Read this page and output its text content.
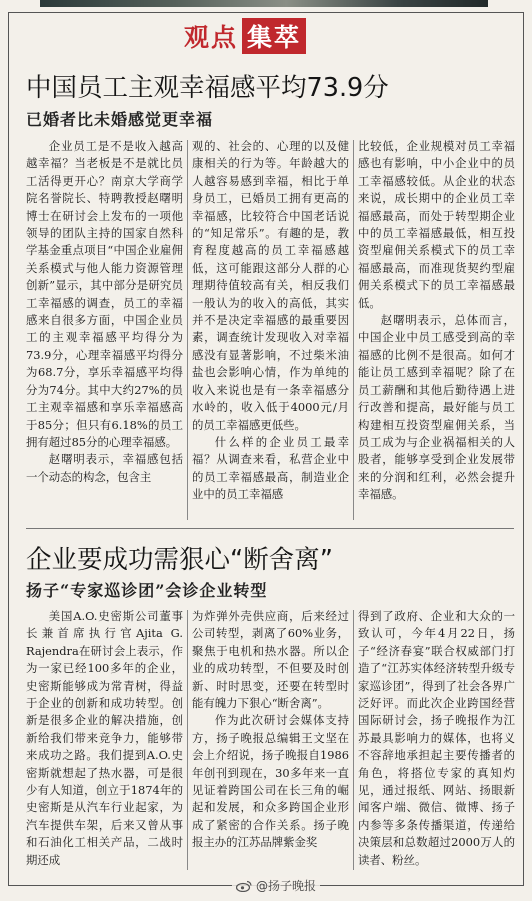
观点 集萃
中国员工主观幸福感平均73.9分
已婚者比未婚感觉更幸福

企业员工是不是收入越高越幸福？当老板是不是就比员工活得更开心？南京大学商学院名誉院长、特聘教授赵曙明博士在研讨会上发布的一项他领导的团队主持的国家自然科学基金重点项目“中国企业雇佣关系模式与他人能力资源管理创新”显示，其中部分是研究员工幸福感的调查，员工的幸福感来自很多方面，中国企业员工的主观幸福感平均得分为73.9分，心理幸福感平均得分为68.7分，享乐幸福感平均得分为74分。其中大约27%的员工主观幸福感和享乐幸福感高于85分；但只有6.18%的员工拥有超过85分的心理幸福感。

赵曙明表示，幸福感包括一个动态的构念，包含主

观的、社会的、心理的以及健康相关的行为等。年龄越大的人越容易感到幸福，相比于单身员工，已婚员工拥有更高的幸福感，比较符合中国老话说的“知足常乐”。有趣的是，教育程度越高的员工幸福感越低，这可能跟这部分人群的心理期待值较高有关，相反我们一般认为的收入的高低，其实并不是决定幸福感的最重要因素，调查统计发现收入对幸福感没有显著影响，不过柴米油盐也会影响心情，作为单纯的收入来说也是有一条幸福感分水岭的，收入低于4000元/月的员工幸福感更低些。

什么样的企业员工最幸福？从调查来看，私营企业中的员工幸福感最高，制造业企业中的员工幸福感

比较低，企业规模对员工幸福感也有影响，中小企业中的员工幸福感较低。从企业的状态来说，成长期中的企业员工幸福感最高，而处于转型期企业中的员工幸福感最低，相互投资型雇佣关系模式下的员工幸福感最高，而准现货契约型雇佣关系模式下的员工幸福感最低。

赵曙明表示，总体而言，中国企业中员工感受到高的幸福感的比例不是很高。如何才能让员工感到幸福呢？除了在员工薪酬和其他后勤待遇上进行改善和提高，最好能与员工构建相互投资型雇佣关系，当员工成为与企业祸福相关的人股者，能够享受到企业发展带来的分润和红利，必然会提升幸福感。

企业要成功需狠心“断舍离”
扬子“专家巡诊团”会诊企业转型

美国A.O.史密斯公司董事长兼首席执行官Ajita G. Rajendra在研讨会上表示，作为一家已经100多年的企业，史密斯能够成为常青树，得益于企业的创新和成功转型。创新是很多企业的解决措施，创新给我们带来竞争力，能够带来成功之路。我们提到A.O.史密斯就想起了热水器，可是很少有人知道，创立于1874年的史密斯是从汽车行业起家，为汽车提供车架，后来又曾从事和石油化工相关产品，二战时期还成

为炸弹外壳供应商，后来经过公司转型，剥离了60%业务，聚焦于电机和热水器。所以企业的成功转型，不但要及时创新、时时思变，还要在转型时能有魄力下狠心“断舍离”。

作为此次研讨会媒体支持方，扬子晚报总编辑王文坚在会上介绍说，扬子晚报自1986年创刊到现在，30多年来一直见证着跨国公司在长三角的崛起和发展，和众多跨国企业形成了紧密的合作关系。扬子晚报主办的江苏品牌紫金奖

得到了政府、企业和大众的一致认可，今年4月22日，扬子“经济春宴”联合权威部门打造了“江苏实体经济转型升级专家巡诊团”，得到了社会各界广泛好评。而此次企业跨国经营国际研讨会，扬子晚报作为江苏最具影响力的媒体，也将义不容辞地承担起主要传播者的角色，将搭位专家的真知灼见，通过报纸、网站、扬眼新闻客户端、微信、微博、扬子内参等多条传播渠道，传递给决策层和总数超过2000万人的读者、粉丝。

@扬子晚报
